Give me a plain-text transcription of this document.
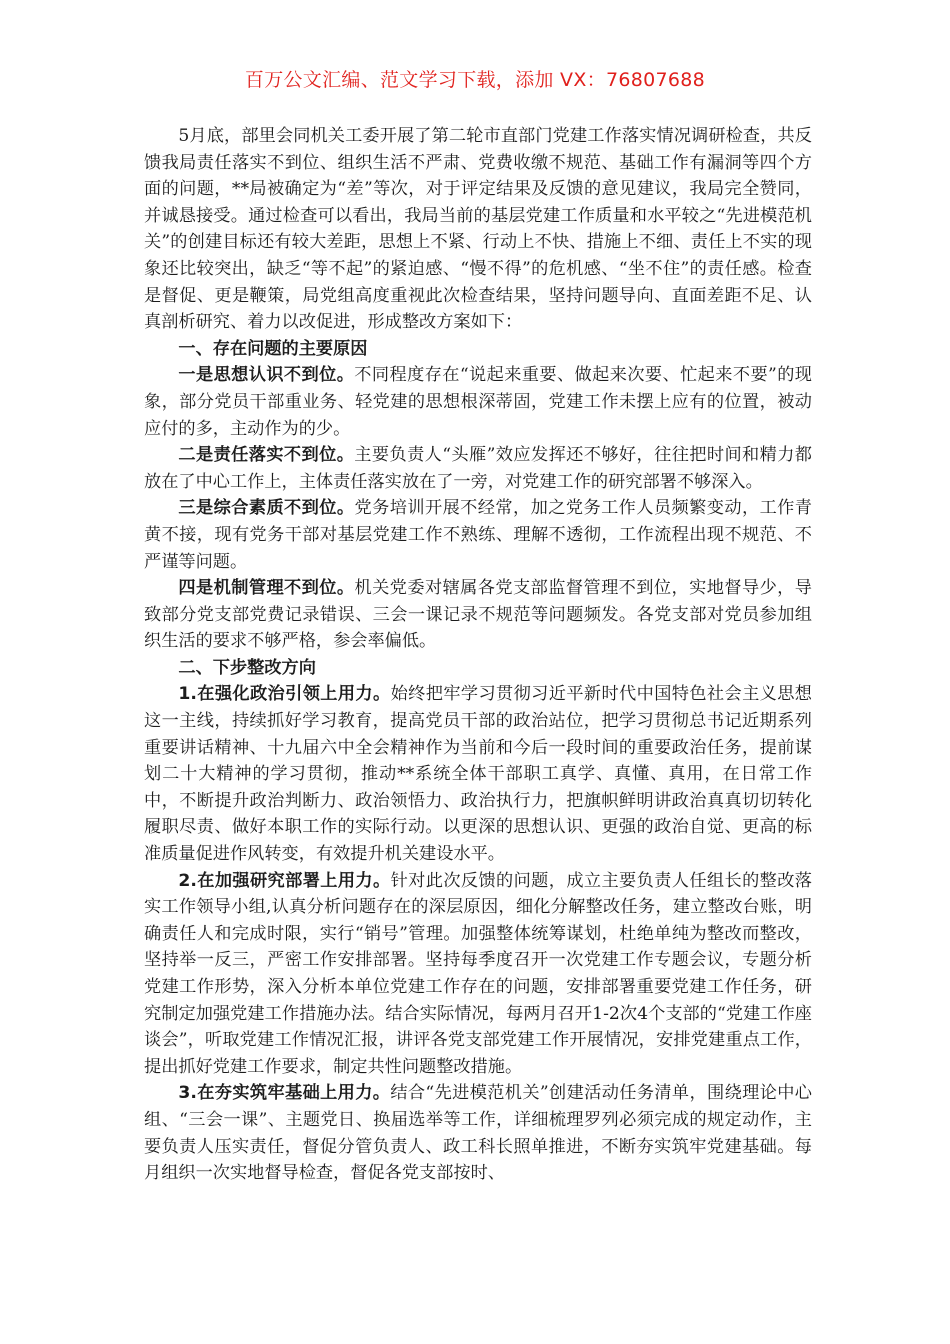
百万公文汇编、范文学习下载，添加 VX：76807688

5月底，部里会同机关工委开展了第二轮市直部门党建工作落实情况调研检查，共反馈我局责任落实不到位、组织生活不严肃、党费收缴不规范、基础工作有漏洞等四个方面的问题，**局被确定为“差”等次，对于评定结果及反馈的意见建议，我局完全赞同，并诚恳接受。通过检查可以看出，我局当前的基层党建工作质量和水平较之“先进模范机关”的创建目标还有较大差距，思想上不紧、行动上不快、措施上不细、责任上不实的现象还比较突出，缺乏“等不起”的紧迫感、“慢不得”的危机感、“坐不住”的责任感。检查是督促、更是鞭策，局党组高度重视此次检查结果，坚持问题导向、直面差距不足、认真剖析研究、着力以改促进，形成整改方案如下：

一、存在问题的主要原因

一是思想认识不到位。不同程度存在“说起来重要、做起来次要、忙起来不要”的现象，部分党员干部重业务、轻党建的思想根深蒂固，党建工作未摆上应有的位置，被动应付的多，主动作为的少。

二是责任落实不到位。主要负责人“头雁”效应发挥还不够好，往往把时间和精力都放在了中心工作上，主体责任落实放在了一旁，对党建工作的研究部署不够深入。

三是综合素质不到位。党务培训开展不经常，加之党务工作人员频繁变动，工作青黄不接，现有党务干部对基层党建工作不熟练、理解不透彻，工作流程出现不规范、不严谨等问题。

四是机制管理不到位。机关党委对辖属各党支部监督管理不到位，实地督导少，导致部分党支部党费记录错误、三会一课记录不规范等问题频发。各党支部对党员参加组织生活的要求不够严格，参会率偏低。

二、下步整改方向

1.在强化政治引领上用力。始终把牢学习贯彻习近平新时代中国特色社会主义思想这一主线，持续抓好学习教育，提高党员干部的政治站位，把学习贯彻总书记近期系列重要讲话精神、十九届六中全会精神作为当前和今后一段时间的重要政治任务，提前谋划二十大精神的学习贯彻，推动**系统全体干部职工真学、真懂、真用，在日常工作中，不断提升政治判断力、政治领悟力、政治执行力，把旗帜鲜明讲政治真真切切转化履职尽责、做好本职工作的实际行动。以更深的思想认识、更强的政治自觉、更高的标准质量促进作风转变，有效提升机关建设水平。

2.在加强研究部署上用力。针对此次反馈的问题，成立主要负责人任组长的整改落实工作领导小组,认真分析问题存在的深层原因，细化分解整改任务，建立整改台账，明确责任人和完成时限，实行“销号”管理。加强整体统筹谋划，杜绝单纯为整改而整改，坚持举一反三，严密工作安排部署。坚持每季度召开一次党建工作专题会议，专题分析党建工作形势，深入分析本单位党建工作存在的问题，安排部署重要党建工作任务，研究制定加强党建工作措施办法。结合实际情况，每两月召开1-2次4个支部的“党建工作座谈会”，听取党建工作情况汇报，讲评各党支部党建工作开展情况，安排党建重点工作，提出抓好党建工作要求，制定共性问题整改措施。

3.在夯实筑牢基础上用力。结合“先进模范机关”创建活动任务清单，围绕理论中心组、“三会一课”、主题党日、换届选举等工作，详细梳理罗列必须完成的规定动作，主要负责人压实责任，督促分管负责人、政工科长照单推进，不断夯实筑牢党建基础。每月组织一次实地督导检查，督促各党支部按时、
